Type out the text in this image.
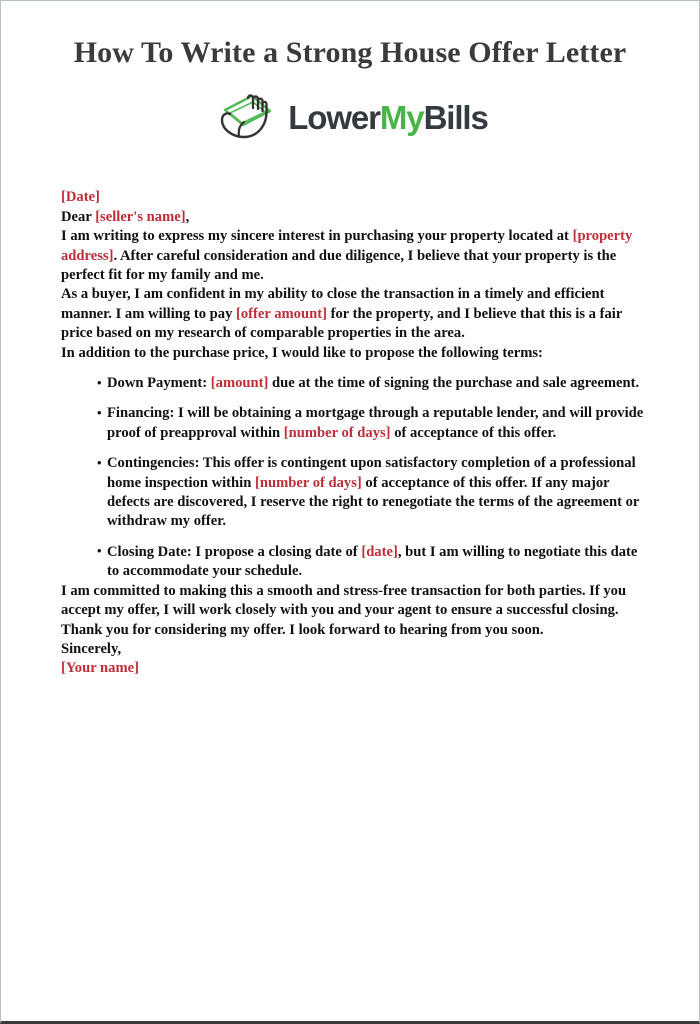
How To Write a Strong House Offer Letter
LowerMyBills

[Date]

Dear [seller's name],

I am writing to express my sincere interest in purchasing your property located at [property address]. After careful consideration and due diligence, I believe that your property is the perfect fit for my family and me.

As a buyer, I am confident in my ability to close the transaction in a timely and efficient manner. I am willing to pay [offer amount] for the property, and I believe that this is a fair price based on my research of comparable properties in the area.

In addition to the purchase price, I would like to propose the following terms:

• Down Payment: [amount] due at the time of signing the purchase and sale agreement.
• Financing: I will be obtaining a mortgage through a reputable lender, and will provide proof of preapproval within [number of days] of acceptance of this offer.
• Contingencies: This offer is contingent upon satisfactory completion of a professional home inspection within [number of days] of acceptance of this offer. If any major defects are discovered, I reserve the right to renegotiate the terms of the agreement or withdraw my offer.
• Closing Date: I propose a closing date of [date], but I am willing to negotiate this date to accommodate your schedule.

I am committed to making this a smooth and stress-free transaction for both parties. If you accept my offer, I will work closely with you and your agent to ensure a successful closing.

Thank you for considering my offer. I look forward to hearing from you soon.

Sincerely,

[Your name]
